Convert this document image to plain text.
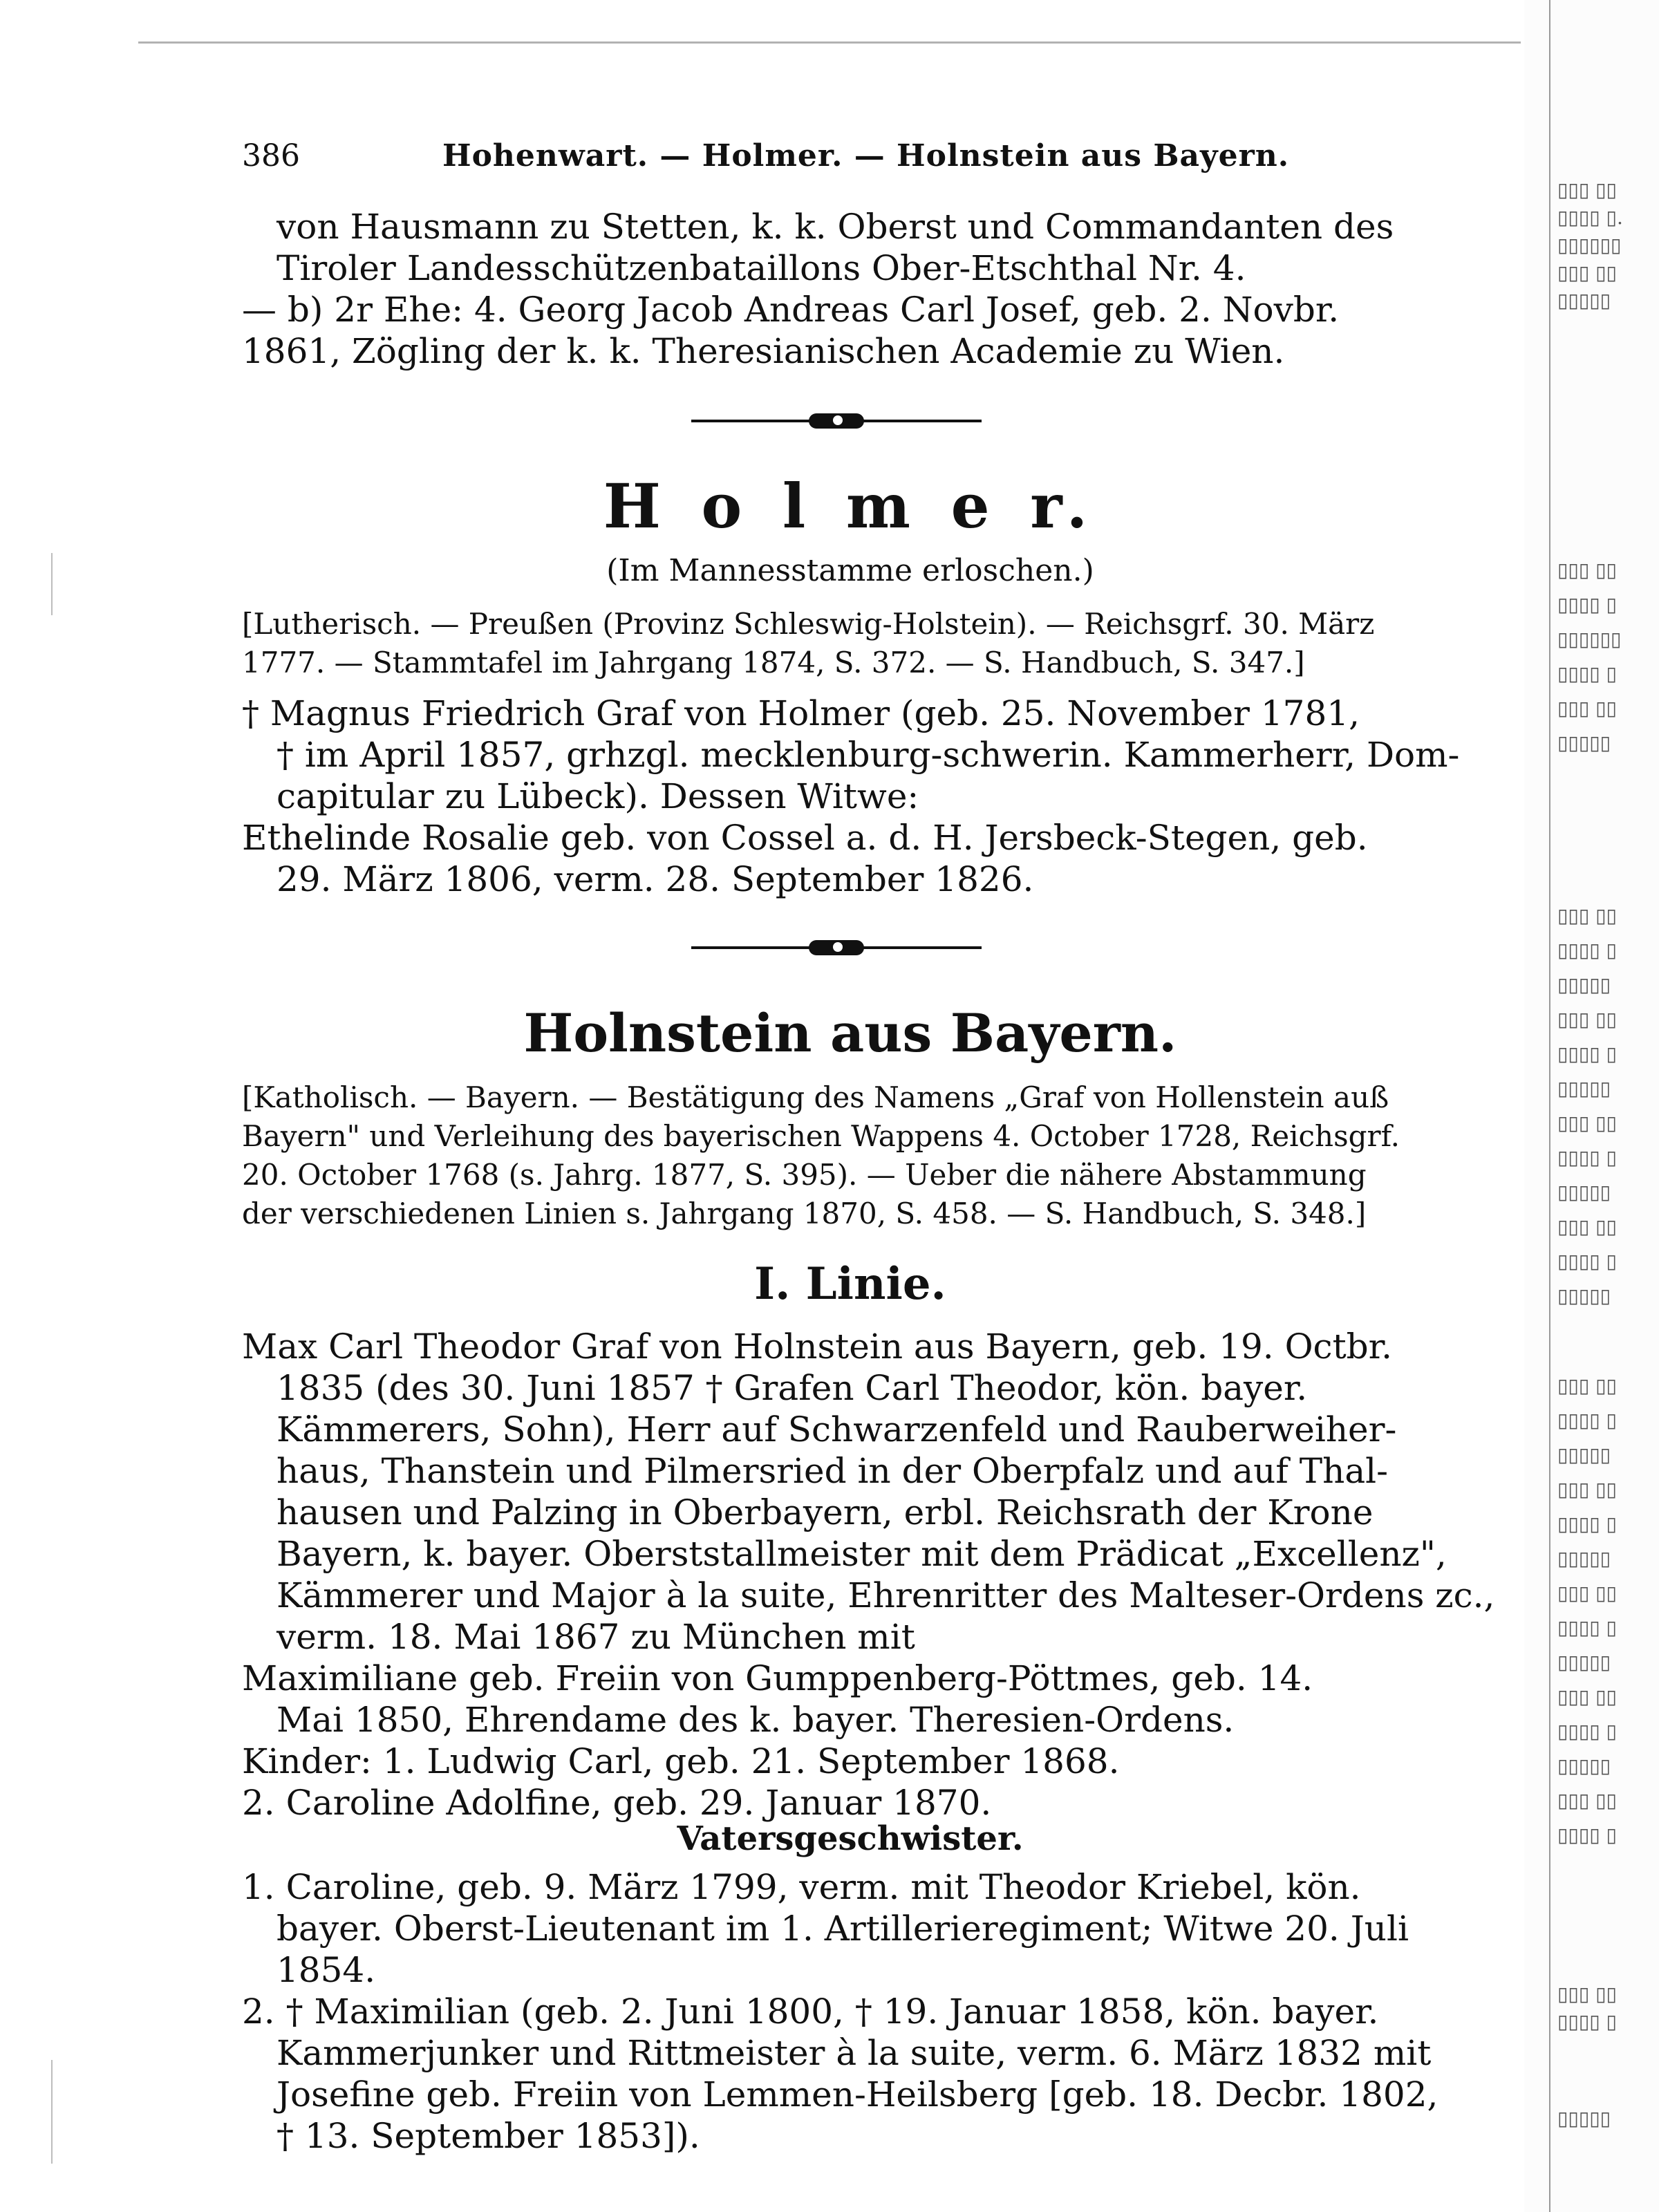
▯▯▯ ▯▯
▯▯▯▯ ▯.
▯▯▯▯▯▯
▯▯▯ ▯▯
▯▯▯▯▯
▯▯▯ ▯▯
▯▯▯▯ ▯
▯▯▯▯▯▯
▯▯▯▯ ▯
▯▯▯ ▯▯
▯▯▯▯▯
▯▯▯ ▯▯
▯▯▯▯ ▯
▯▯▯▯▯
▯▯▯ ▯▯
▯▯▯▯ ▯
▯▯▯▯▯
▯▯▯ ▯▯
▯▯▯▯ ▯
▯▯▯▯▯
▯▯▯ ▯▯
▯▯▯▯ ▯
▯▯▯▯▯
▯▯▯ ▯▯
▯▯▯▯ ▯
▯▯▯▯▯
▯▯▯ ▯▯
▯▯▯▯ ▯
▯▯▯▯▯
▯▯▯ ▯▯
▯▯▯▯ ▯
▯▯▯▯▯
▯▯▯ ▯▯
▯▯▯▯ ▯
▯▯▯▯▯
▯▯▯ ▯▯
▯▯▯▯ ▯
▯▯▯ ▯▯
▯▯▯▯ ▯
▯▯▯▯▯
386	Hohenwart. — Holmer. — Holnstein aus Bayern.
von Hausmann zu Stetten, k. k. Oberst und Commandanten des
Tiroler Landesschützenbataillons Ober-Etschthal Nr. 4.
— b) 2r Ehe: 4. Georg Jacob Andreas Carl Josef, geb. 2. Novbr.
1861, Zögling der k. k. Theresianischen Academie zu Wien.
H o l m e r.
(Im Mannesstamme erloschen.)
[Lutherisch. — Preußen (Provinz Schleswig-Holstein). — Reichsgrf. 30. März
1777. — Stammtafel im Jahrgang 1874, S. 372. — S. Handbuch, S. 347.]
† Magnus Friedrich Graf von Holmer (geb. 25. November 1781,
† im April 1857, grhzgl. mecklenburg-schwerin. Kammerherr, Dom-
capitular zu Lübeck). Dessen Witwe:
Ethelinde Rosalie geb. von Cossel a. d. H. Jersbeck-Stegen, geb.
29. März 1806, verm. 28. September 1826.
Holnstein aus Bayern.
[Katholisch. — Bayern. — Bestätigung des Namens „Graf von Hollenstein auß
Bayern" und Verleihung des bayerischen Wappens 4. October 1728, Reichsgrf.
20. October 1768 (s. Jahrg. 1877, S. 395). — Ueber die nähere Abstammung
der verschiedenen Linien s. Jahrgang 1870, S. 458. — S. Handbuch, S. 348.]
I. Linie.
Max Carl Theodor Graf von Holnstein aus Bayern, geb. 19. Octbr.
1835 (des 30. Juni 1857 † Grafen Carl Theodor, kön. bayer.
Kämmerers, Sohn), Herr auf Schwarzenfeld und Rauberweiher-
haus, Thanstein und Pilmersried in der Oberpfalz und auf Thal-
hausen und Palzing in Oberbayern, erbl. Reichsrath der Krone
Bayern, k. bayer. Oberststallmeister mit dem Prädicat „Excellenz",
Kämmerer und Major à la suite, Ehrenritter des Malteser-Ordens zc.,
verm. 18. Mai 1867 zu München mit
Maximiliane geb. Freiin von Gumppenberg-Pöttmes, geb. 14.
Mai 1850, Ehrendame des k. bayer. Theresien-Ordens.
Kinder: 1. Ludwig Carl, geb. 21. September 1868.
2. Caroline Adolfine, geb. 29. Januar 1870.
Vatersgeschwister.
1. Caroline, geb. 9. März 1799, verm. mit Theodor Kriebel, kön.
bayer. Oberst-Lieutenant im 1. Artillerieregiment; Witwe 20. Juli
1854.
2. † Maximilian (geb. 2. Juni 1800, † 19. Januar 1858, kön. bayer.
Kammerjunker und Rittmeister à la suite, verm. 6. März 1832 mit
Josefine geb. Freiin von Lemmen-Heilsberg [geb. 18. Decbr. 1802,
† 13. September 1853]).
